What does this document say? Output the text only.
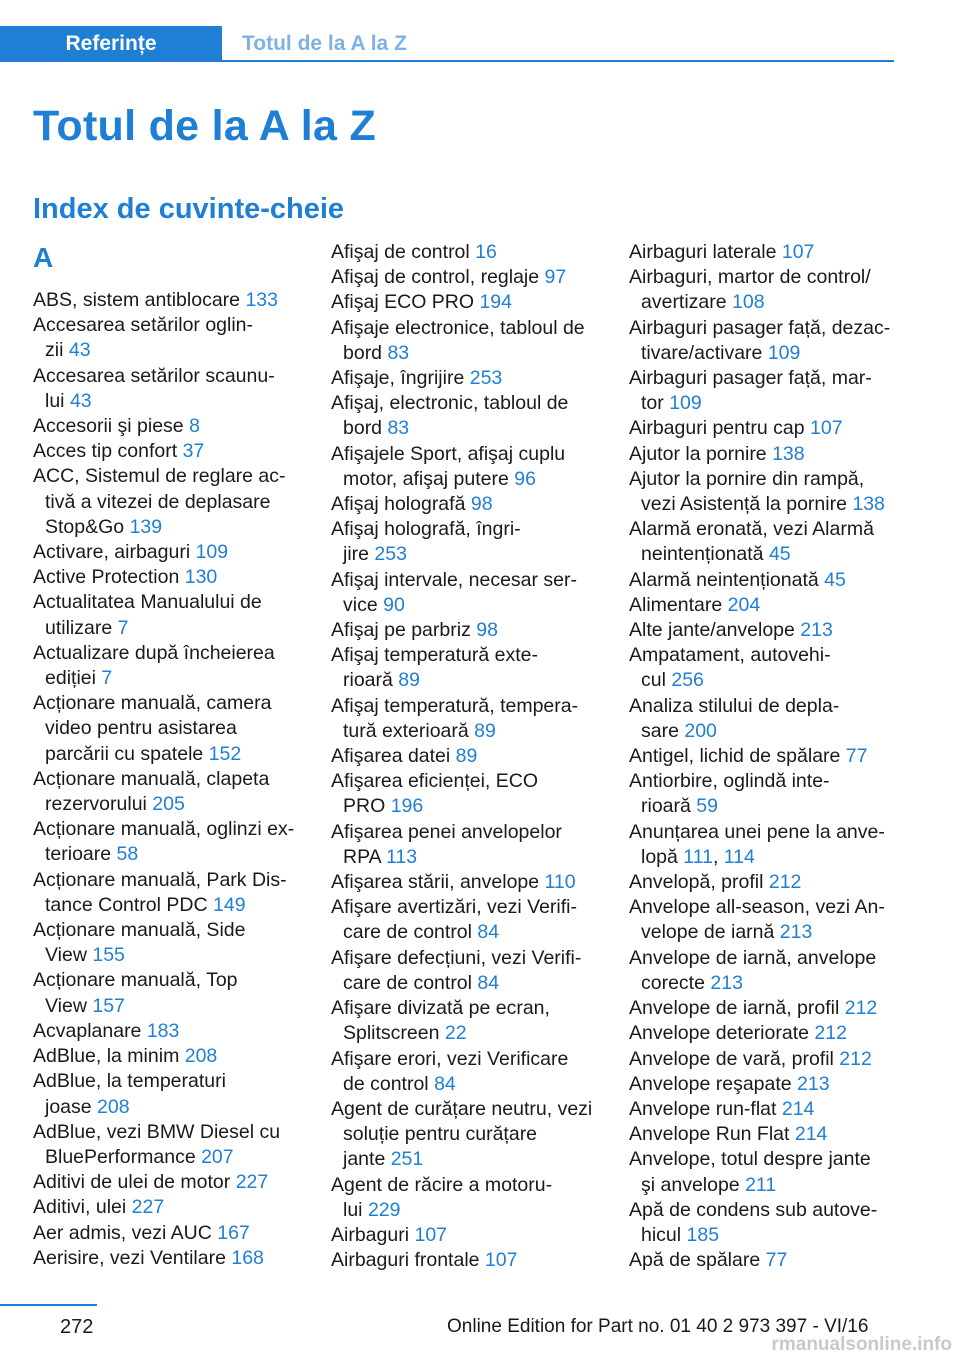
Referințe	Totul de la A la Z
Totul de la A la Z
Index de cuvinte-cheie
A
ABS, sistem antiblocare 133
Accesarea setărilor oglin-
zii 43
Accesarea setărilor scaunu-
lui 43
Accesorii şi piese 8
Acces tip confort 37
ACC, Sistemul de reglare ac-
tivă a vitezei de deplasare
Stop&Go 139
Activare, airbaguri 109
Active Protection 130
Actualitatea Manualului de
utilizare 7
Actualizare după încheierea
ediției 7
Acționare manuală, camera
video pentru asistarea
parcării cu spatele 152
Acționare manuală, clapeta
rezervorului 205
Acționare manuală, oglinzi ex-
terioare 58
Acționare manuală, Park Dis-
tance Control PDC 149
Acționare manuală, Side
View 155
Acționare manuală, Top
View 157
Acvaplanare 183
AdBlue, la minim 208
AdBlue, la temperaturi
joase 208
AdBlue, vezi BMW Diesel cu
BluePerformance 207
Aditivi de ulei de motor 227
Aditivi, ulei 227
Aer admis, vezi AUC 167
Aerisire, vezi Ventilare 168
Afişaj de control 16
Afişaj de control, reglaje 97
Afişaj ECO PRO 194
Afişaje electronice, tabloul de
bord 83
Afişaje, îngrijire 253
Afişaj, electronic, tabloul de
bord 83
Afişajele Sport, afişaj cuplu
motor, afişaj putere 96
Afişaj holografă 98
Afişaj holografă, îngri-
jire 253
Afişaj intervale, necesar ser-
vice 90
Afişaj pe parbriz 98
Afişaj temperatură exte-
rioară 89
Afişaj temperatură, tempera-
tură exterioară 89
Afişarea datei 89
Afişarea eficienței, ECO
PRO 196
Afişarea penei anvelopelor
RPA 113
Afişarea stării, anvelope 110
Afişare avertizări, vezi Verifi-
care de control 84
Afişare defecțiuni, vezi Verifi-
care de control 84
Afişare divizată pe ecran,
Splitscreen 22
Afişare erori, vezi Verificare
de control 84
Agent de curățare neutru, vezi
soluție pentru curățare
jante 251
Agent de răcire a motoru-
lui 229
Airbaguri 107
Airbaguri frontale 107
Airbaguri laterale 107
Airbaguri, martor de control/
avertizare 108
Airbaguri pasager față, dezac-
tivare/activare 109
Airbaguri pasager față, mar-
tor 109
Airbaguri pentru cap 107
Ajutor la pornire 138
Ajutor la pornire din rampă,
vezi Asistență la pornire 138
Alarmă eronată, vezi Alarmă
neintenționată 45
Alarmă neintenționată 45
Alimentare 204
Alte jante/anvelope 213
Ampatament, autovehi-
cul 256
Analiza stilului de depla-
sare 200
Antigel, lichid de spălare 77
Antiorbire, oglindă inte-
rioară 59
Anunțarea unei pene la anve-
lopă 111, 114
Anvelopă, profil 212
Anvelope all-season, vezi An-
velope de iarnă 213
Anvelope de iarnă, anvelope
corecte 213
Anvelope de iarnă, profil 212
Anvelope deteriorate 212
Anvelope de vară, profil 212
Anvelope reşapate 213
Anvelope run-flat 214
Anvelope Run Flat 214
Anvelope, totul despre jante
şi anvelope 211
Apă de condens sub autove-
hicul 185
Apă de spălare 77
272	Online Edition for Part no. 01 40 2 973 397 - VI/16
rmanualsonline.info
